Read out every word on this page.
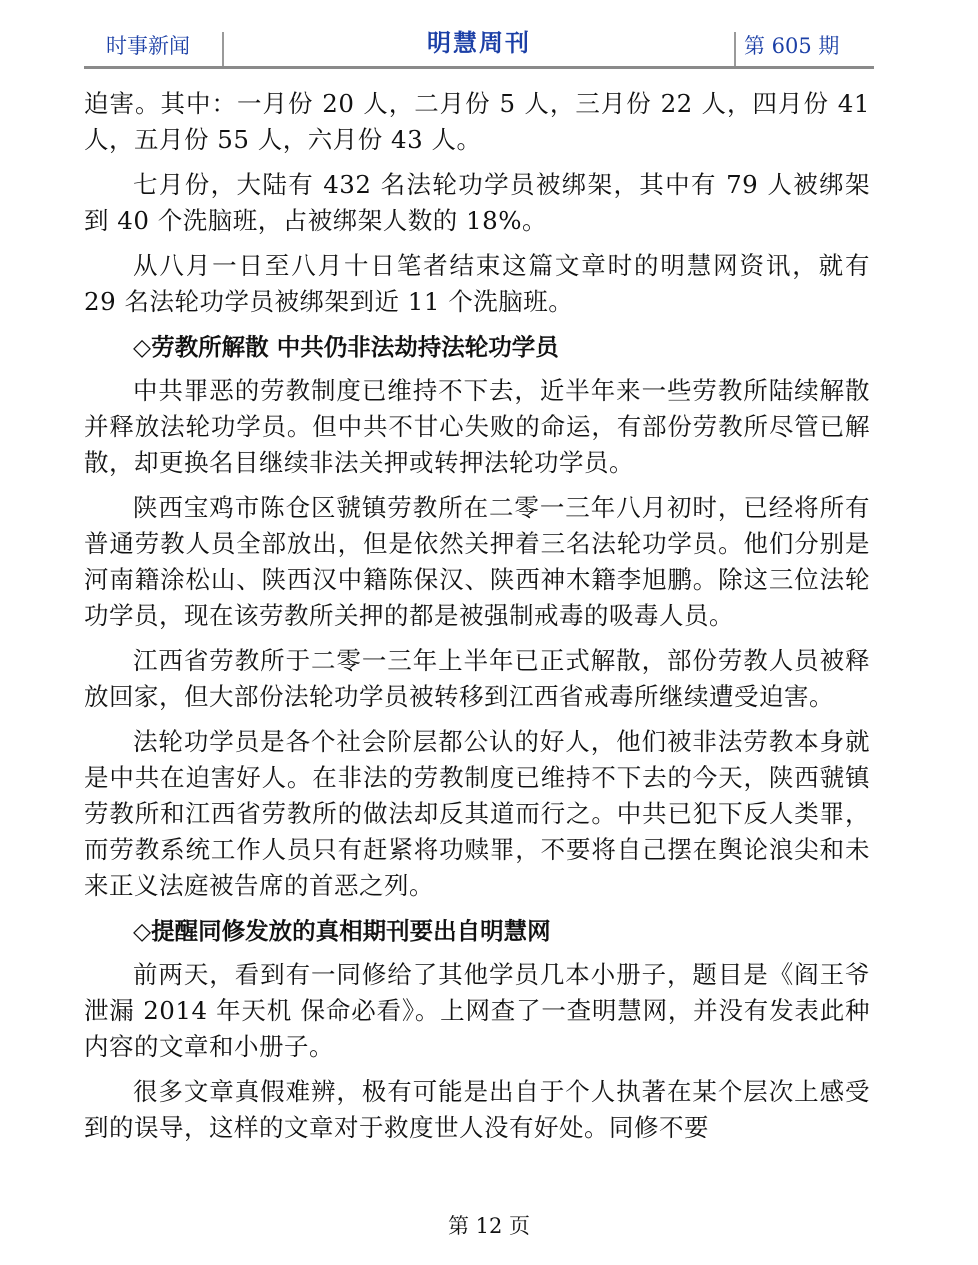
时事新闻	明慧周刊	第 605 期

迫害。其中：一月份 20 人，二月份 5 人，三月份 22 人，四月份 41 人，五月份 55 人，六月份 43 人。

七月份，大陆有 432 名法轮功学员被绑架，其中有 79 人被绑架到 40 个洗脑班，占被绑架人数的 18%。

从八月一日至八月十日笔者结束这篇文章时的明慧网资讯，就有 29 名法轮功学员被绑架到近 11 个洗脑班。

◇劳教所解散 中共仍非法劫持法轮功学员

中共罪恶的劳教制度已维持不下去，近半年来一些劳教所陆续解散并释放法轮功学员。但中共不甘心失败的命运，有部份劳教所尽管已解散，却更换名目继续非法关押或转押法轮功学员。

陕西宝鸡市陈仓区虢镇劳教所在二零一三年八月初时，已经将所有普通劳教人员全部放出，但是依然关押着三名法轮功学员。他们分别是河南籍涂松山、陕西汉中籍陈保汉、陕西神木籍李旭鹏。除这三位法轮功学员，现在该劳教所关押的都是被强制戒毒的吸毒人员。

江西省劳教所于二零一三年上半年已正式解散，部份劳教人员被释放回家，但大部份法轮功学员被转移到江西省戒毒所继续遭受迫害。

法轮功学员是各个社会阶层都公认的好人，他们被非法劳教本身就是中共在迫害好人。在非法的劳教制度已维持不下去的今天，陕西虢镇劳教所和江西省劳教所的做法却反其道而行之。中共已犯下反人类罪，而劳教系统工作人员只有赶紧将功赎罪，不要将自己摆在舆论浪尖和未来正义法庭被告席的首恶之列。

◇提醒同修发放的真相期刊要出自明慧网

前两天，看到有一同修给了其他学员几本小册子，题目是《阎王爷泄漏 2014 年天机 保命必看》。上网查了一查明慧网，并没有发表此种内容的文章和小册子。

很多文章真假难辨，极有可能是出自于个人执著在某个层次上感受到的误导，这样的文章对于救度世人没有好处。同修不要

第 12 页
